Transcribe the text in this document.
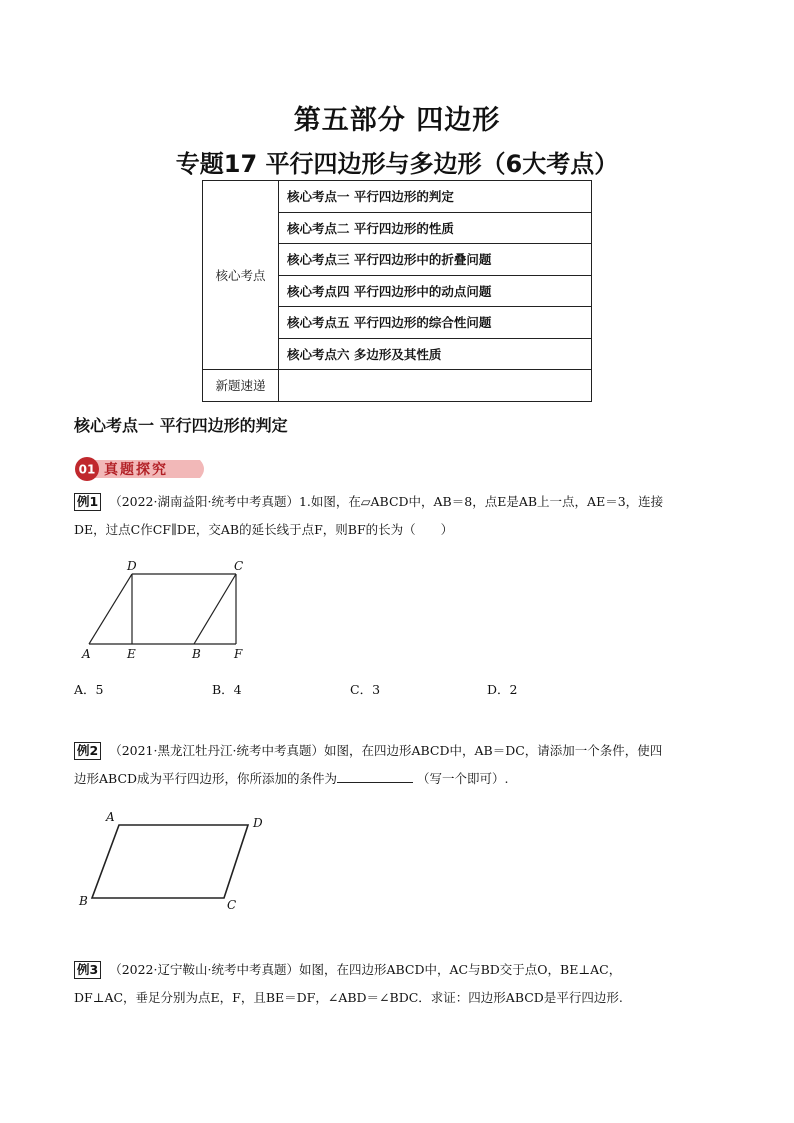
第五部分 四边形
专题17 平行四边形与多边形（6大考点）
核心考点	核心考点一 平行四边形的判定
	核心考点二 平行四边形的性质
	核心考点三 平行四边形中的折叠问题
	核心考点四 平行四边形中的动点问题
	核心考点五 平行四边形的综合性问题
	核心考点六 多边形及其性质
新题速递	
核心考点一 平行四边形的判定
01 真题探究
例1 （2022·湖南益阳·统考中考真题）1.如图，在▱ABCD中，AB＝8，点E是AB上一点，AE＝3，连接
DE，过点C作CF∥DE，交AB的延长线于点F，则BF的长为（　　）
D	C
A	E	B	F
A．5	B．4	C．3	D．2
例2 （2021·黑龙江牡丹江·统考中考真题）如图，在四边形ABCD中，AB＝DC，请添加一个条件，使四
边形ABCD成为平行四边形，你所添加的条件为	（写一个即可）.
A	D
B	C
例3 （2022·辽宁鞍山·统考中考真题）如图，在四边形ABCD中，AC与BD交于点O，BE⊥AC，
DF⊥AC，垂足分别为点E，F，且BE＝DF，∠ABD＝∠BDC．求证：四边形ABCD是平行四边形.
